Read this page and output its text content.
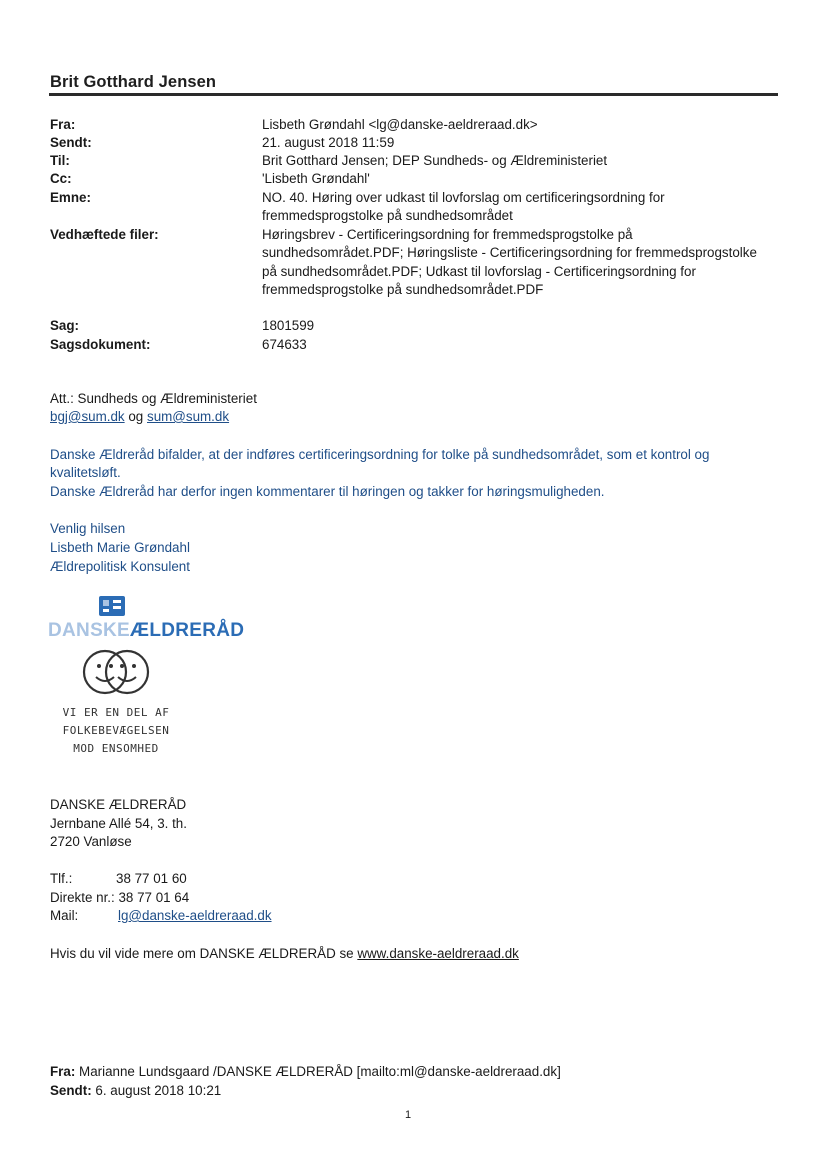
Brit Gotthard Jensen
Fra:	Lisbeth Grøndahl <lg@danske-aeldreraad.dk>
Sendt:	21. august 2018 11:59
Til:	Brit Gotthard Jensen; DEP Sundheds- og Ældreministeriet
Cc:	'Lisbeth Grøndahl'
Emne:	NO. 40. Høring over udkast til lovforslag om certificeringsordning for
fremmedsprogstolke på sundhedsområdet
Vedhæftede filer:	Høringsbrev - Certificeringsordning for fremmedsprogstolke på
sundhedsområdet.PDF; Høringsliste - Certificeringsordning for fremmedsprogstolke
på sundhedsområdet.PDF; Udkast til lovforslag - Certificeringsordning for
fremmedsprogstolke på sundhedsområdet.PDF
Sag:	1801599
Sagsdokument:	674633
Att.: Sundheds og Ældreministeriet
bgj@sum.dk og sum@sum.dk
Danske Ældreråd bifalder, at der indføres certificeringsordning for tolke på sundhedsområdet, som et kontrol og
kvalitetsløft.
Danske Ældreråd har derfor ingen kommentarer til høringen og takker for høringsmuligheden.
Venlig hilsen
Lisbeth Marie Grøndahl
Ældrepolitisk Konsulent
DANSKEÆLDRERÅD
VI ER EN DEL AF
FOLKEBEVÆGELSEN
MOD ENSOMHED
DANSKE ÆLDRERÅD
Jernbane Allé 54, 3. th.
2720 Vanløse
Tlf.:	38 77 01 60
Direkte nr.: 38 77 01 64
Mail:	lg@danske-aeldreraad.dk
Hvis du vil vide mere om DANSKE ÆLDRERÅD se www.danske-aeldreraad.dk
Fra: Marianne Lundsgaard /DANSKE ÆLDRERÅD [mailto:ml@danske-aeldreraad.dk]
Sendt: 6. august 2018 10:21
1
